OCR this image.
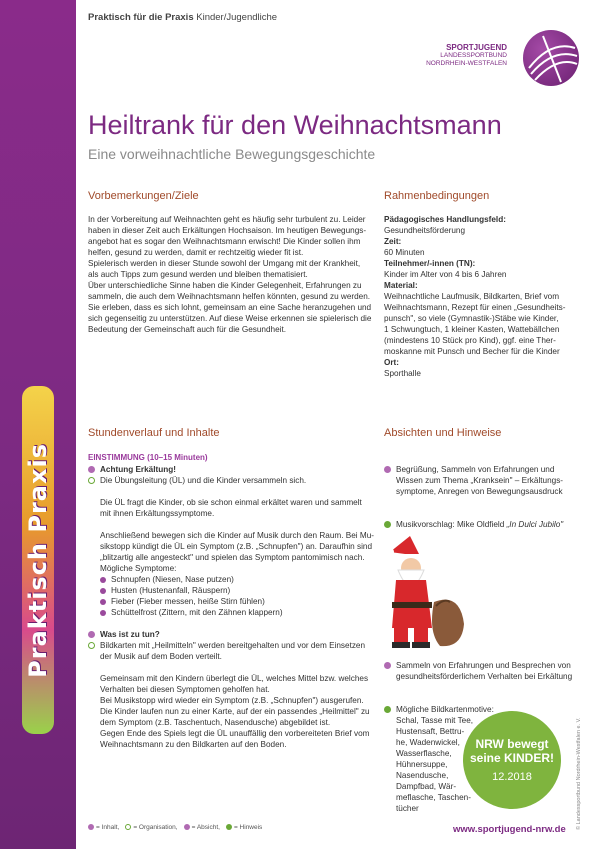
Praktisch Praxis
Praktisch für die Praxis Kinder/Jugendliche
SPORTJUGEND
LANDESSPORTBUND
NORDRHEIN-WESTFALEN
Heiltrank für den Weihnachtsmann
Eine vorweihnachtliche Bewegungsgeschichte
Vorbemerkungen/Ziele
In der Vorbereitung auf Weihnachten geht es häufig sehr turbulent zu. Leider
haben in dieser Zeit auch Erkältungen Hochsaison. Im heutigen Bewegungs-
angebot hat es sogar den Weihnachtsmann erwischt! Die Kinder sollen ihm
helfen, gesund zu werden, damit er rechtzeitig wieder fit ist.
Spielerisch werden in dieser Stunde sowohl der Umgang mit der Krankheit,
als auch Tipps zum gesund werden und bleiben thematisiert.
Über unterschiedliche Sinne haben die Kinder Gelegenheit, Erfahrungen zu
sammeln, die auch dem Weihnachtsmann helfen könnten, gesund zu werden.
Sie erleben, dass es sich lohnt, gemeinsam an eine Sache heranzugehen und
sich gegenseitig zu unterstützen. Auf diese Weise erkennen sie spielerisch die
Bedeutung der Gemeinschaft auch für die Gesundheit.
Rahmenbedingungen
Pädagogisches Handlungsfeld:
Gesundheitsförderung
Zeit:
60 Minuten
Teilnehmer/-innen (TN):
Kinder im Alter von 4 bis 6 Jahren
Material:
Weihnachtliche Laufmusik, Bildkarten, Brief vom
Weihnachtsmann, Rezept für einen „Gesundheits-
punsch", so viele (Gymnastik-)Stäbe wie Kinder,
1 Schwungtuch, 1 kleiner Kasten, Wattebällchen
(mindestens 10 Stück pro Kind), ggf. eine Ther-
moskanne mit Punsch und Becher für die Kinder
Ort:
Sporthalle
Stundenverlauf und Inhalte
EINSTIMMUNG (10–15 Minuten)
Achtung Erkältung!
Die Übungsleitung (ÜL) und die Kinder versammeln sich.
Die ÜL fragt die Kinder, ob sie schon einmal erkältet waren und sammelt
mit ihnen Erkältungssymptome.
Anschließend bewegen sich die Kinder auf Musik durch den Raum. Bei Mu-
sikstopp kündigt die ÜL ein Symptom (z.B. „Schnupfen") an. Daraufhin sind
„blitzartig alle angesteckt" und spielen das Symptom pantomimisch nach.
Mögliche Symptome:
Schnupfen (Niesen, Nase putzen)
Husten (Hustenanfall, Räuspern)
Fieber (Fieber messen, heiße Stirn fühlen)
Schüttelfrost (Zittern, mit den Zähnen klappern)
Was ist zu tun?
Bildkarten mit „Heilmitteln" werden bereitgehalten und vor dem Einsetzen
der Musik auf dem Boden verteilt.
Gemeinsam mit den Kindern überlegt die ÜL, welches Mittel bzw. welches
Verhalten bei diesen Symptomen geholfen hat.
Bei Musikstopp wird wieder ein Symptom (z.B. „Schnupfen") ausgerufen.
Die Kinder laufen nun zu einer Karte, auf der ein passendes „Heilmittel" zu
dem Symptom (z.B. Taschentuch, Nasendusche) abgebildet ist.
Gegen Ende des Spiels legt die ÜL unauffällig den vorbereiteten Brief vom
Weihnachtsmann zu den Bildkarten auf den Boden.
Absichten und Hinweise
Begrüßung, Sammeln von Erfahrungen und
Wissen zum Thema „Kranksein" – Erkältungs-
symptome, Anregen von Bewegungsausdruck
Musikvorschlag: Mike Oldfield „In Dulci Jubilo"
Sammeln von Erfahrungen und Besprechen von
gesundheitsförderlichem Verhalten bei Erkältung
Mögliche Bildkartenmotive:
Schal, Tasse mit Tee,
Hustensaft, Bettru-
he, Wadenwickel,
Wasserflasche,
Hühnersuppe,
Nasendusche,
Dampfbad, Wär-
meflasche, Taschen-
tücher
NRW bewegt
seine KINDER!
12.2018	© Landessportbund Nordrhein-Westfalen e. V.
= Inhalt,	= Organisation,	= Absicht,	= Hinweis	www.sportjugend-nrw.de
